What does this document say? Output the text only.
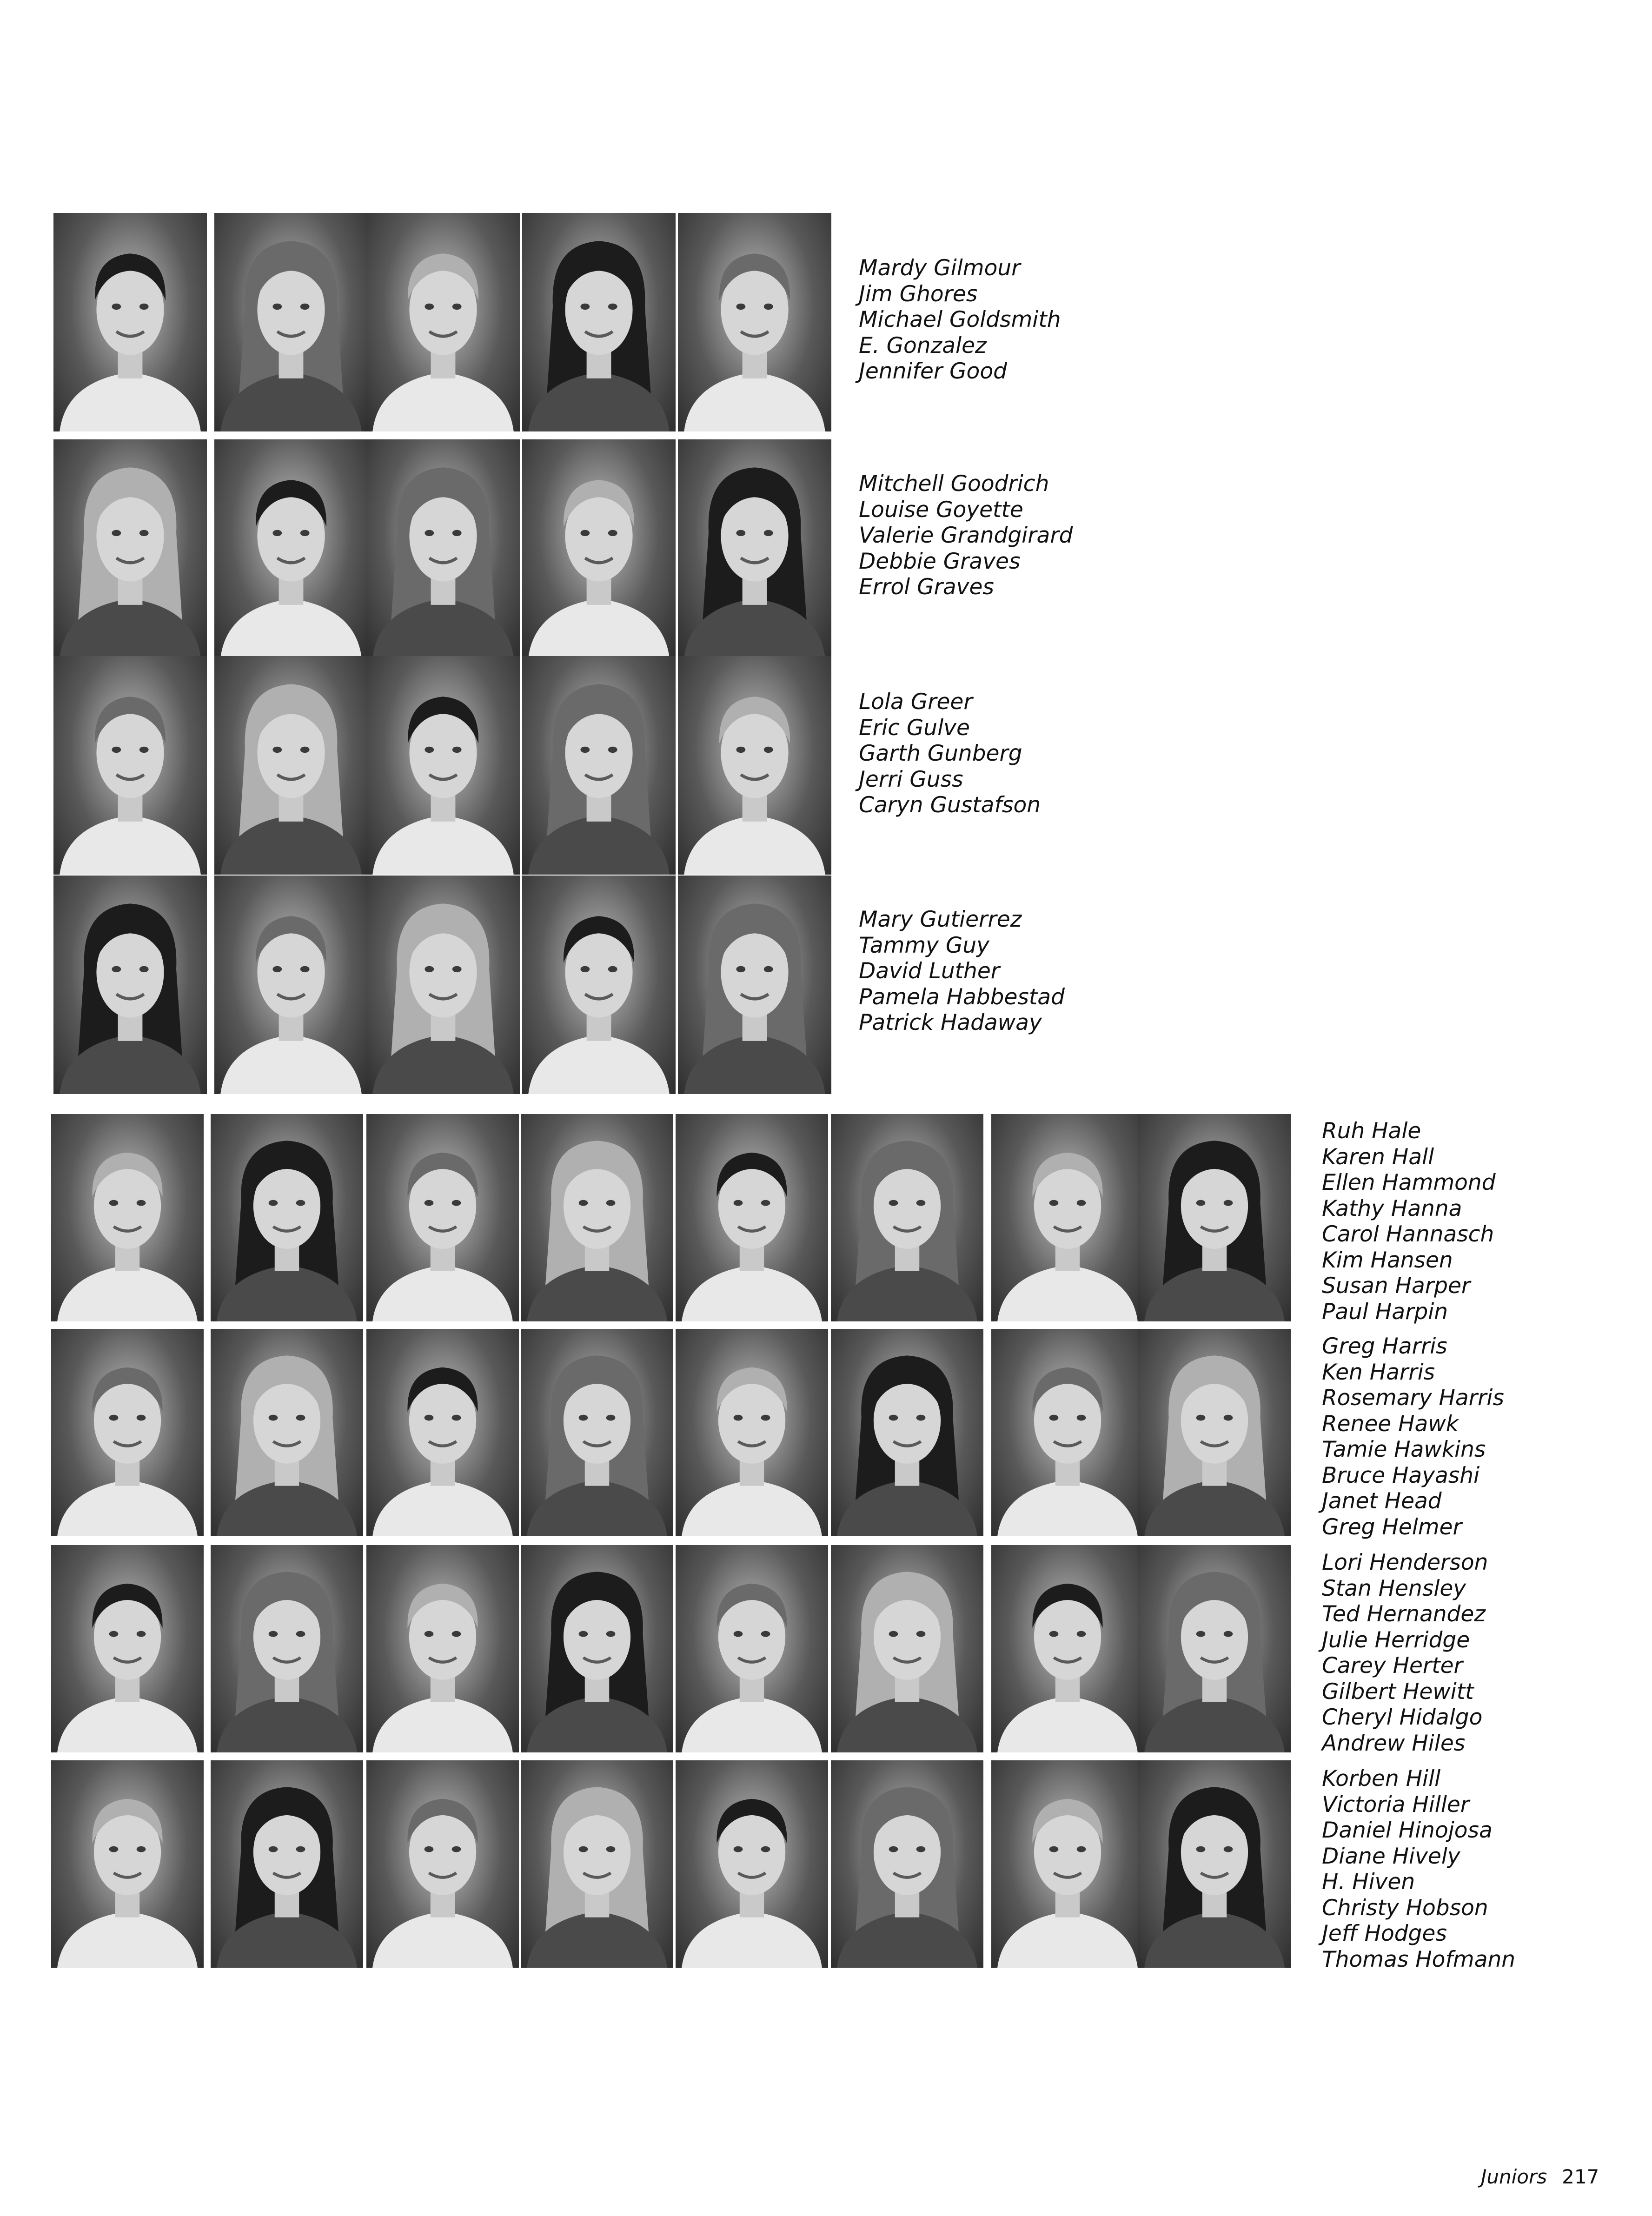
Mardy Gilmour
Jim Ghores
Michael Goldsmith
E. Gonzalez
Jennifer Good
Mitchell Goodrich
Louise Goyette
Valerie Grandgirard
Debbie Graves
Errol Graves
Lola Greer
Eric Gulve
Garth Gunberg
Jerri Guss
Caryn Gustafson
Mary Gutierrez
Tammy Guy
David Luther
Pamela Habbestad
Patrick Hadaway
Ruh Hale
Karen Hall
Ellen Hammond
Kathy Hanna
Carol Hannasch
Kim Hansen
Susan Harper
Paul Harpin
Greg Harris
Ken Harris
Rosemary Harris
Renee Hawk
Tamie Hawkins
Bruce Hayashi
Janet Head
Greg Helmer
Lori Henderson
Stan Hensley
Ted Hernandez
Julie Herridge
Carey Herter
Gilbert Hewitt
Cheryl Hidalgo
Andrew Hiles
Korben Hill
Victoria Hiller
Daniel Hinojosa
Diane Hively
H. Hiven
Christy Hobson
Jeff Hodges
Thomas Hofmann
Juniors 217
